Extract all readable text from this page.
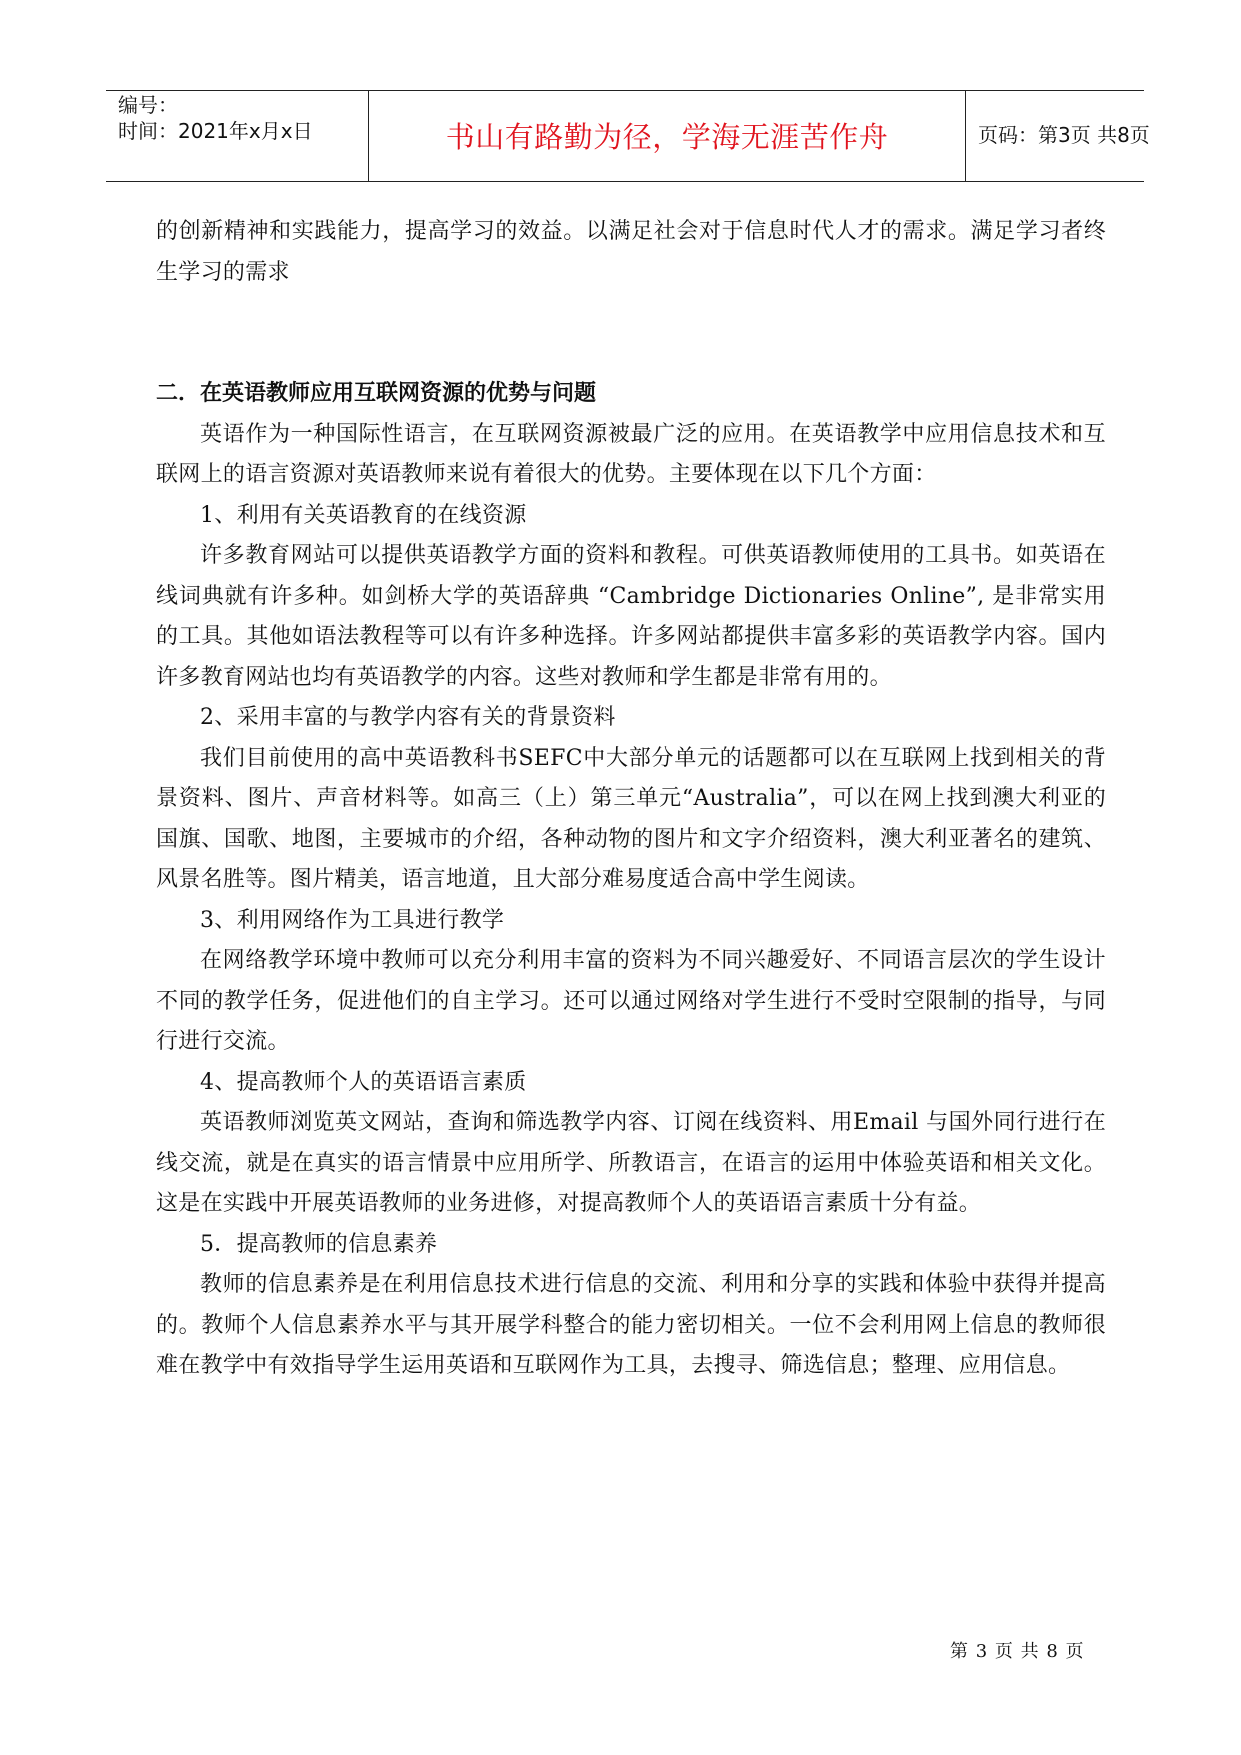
编号：
时间：2021年x月x日	书山有路勤为径，学海无涯苦作舟	页码：第3页 共8页

的创新精神和实践能力，提高学习的效益。以满足社会对于信息时代人才的需求。满足学习者终生学习的需求

二．在英语教师应用互联网资源的优势与问题

英语作为一种国际性语言，在互联网资源被最广泛的应用。在英语教学中应用信息技术和互联网上的语言资源对英语教师来说有着很大的优势。主要体现在以下几个方面：

1、利用有关英语教育的在线资源

许多教育网站可以提供英语教学方面的资料和教程。可供英语教师使用的工具书。如英语在线词典就有许多种。如剑桥大学的英语辞典 “Cambridge Dictionaries Online”, 是非常实用的工具。其他如语法教程等可以有许多种选择。许多网站都提供丰富多彩的英语教学内容。国内许多教育网站也均有英语教学的内容。这些对教师和学生都是非常有用的。

2、采用丰富的与教学内容有关的背景资料

我们目前使用的高中英语教科书SEFC中大部分单元的话题都可以在互联网上找到相关的背景资料、图片、声音材料等。如高三（上）第三单元“Australia”，可以在网上找到澳大利亚的国旗、国歌、地图，主要城市的介绍，各种动物的图片和文字介绍资料，澳大利亚著名的建筑、风景名胜等。图片精美，语言地道，且大部分难易度适合高中学生阅读。

3、利用网络作为工具进行教学

在网络教学环境中教师可以充分利用丰富的资料为不同兴趣爱好、不同语言层次的学生设计不同的教学任务，促进他们的自主学习。还可以通过网络对学生进行不受时空限制的指导，与同行进行交流。

4、提高教师个人的英语语言素质

英语教师浏览英文网站，查询和筛选教学内容、订阅在线资料、用Email 与国外同行进行在线交流，就是在真实的语言情景中应用所学、所教语言，在语言的运用中体验英语和相关文化。这是在实践中开展英语教师的业务进修，对提高教师个人的英语语言素质十分有益。

5．提高教师的信息素养

教师的信息素养是在利用信息技术进行信息的交流、利用和分享的实践和体验中获得并提高的。教师个人信息素养水平与其开展学科整合的能力密切相关。一位不会利用网上信息的教师很难在教学中有效指导学生运用英语和互联网作为工具，去搜寻、筛选信息；整理、应用信息。

第 3 页 共 8 页
